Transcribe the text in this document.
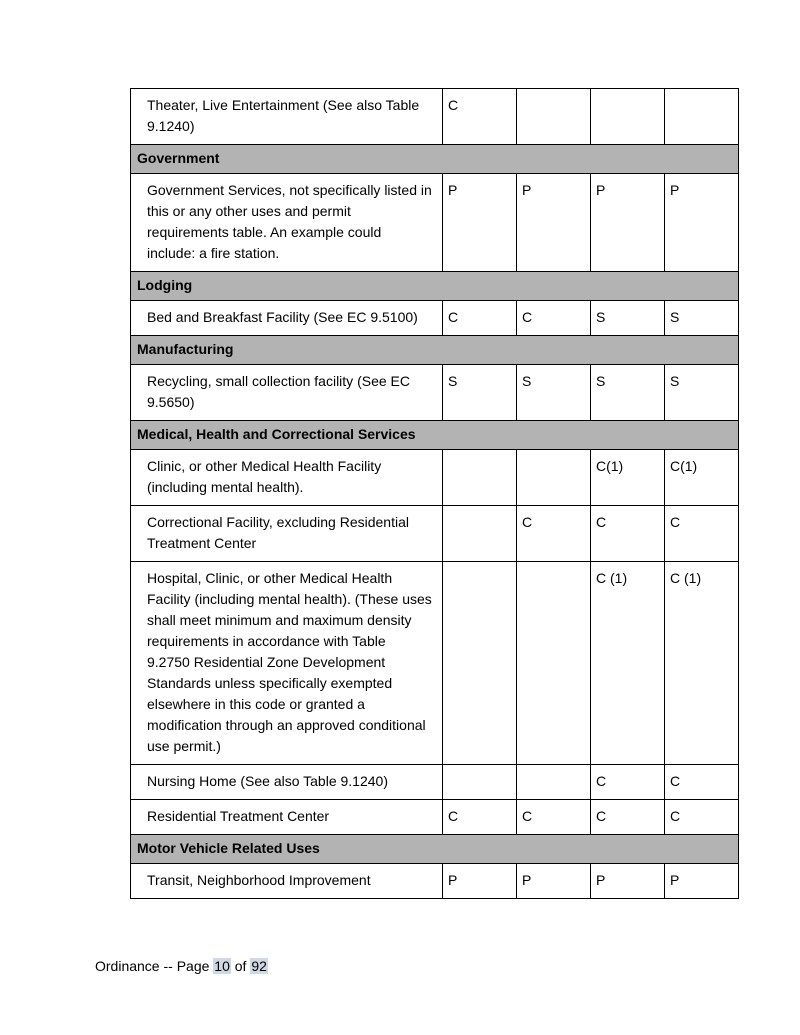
Theater, Live Entertainment (See also Table 9.1240)	C			
Government				
Government Services, not specifically listed in this or any other uses and permit requirements table. An example could include: a fire station.	P	P	P	P
Lodging				
Bed and Breakfast Facility (See EC 9.5100)	C	C	S	S
Manufacturing				
Recycling, small collection facility (See EC 9.5650)	S	S	S	S
Medical, Health and Correctional Services				
Clinic, or other Medical Health Facility (including mental health).			C(1)	C(1)
Correctional Facility, excluding Residential Treatment Center		C	C	C
Hospital, Clinic, or other Medical Health Facility (including mental health). (These uses shall meet minimum and maximum density requirements in accordance with Table 9.2750 Residential Zone Development Standards unless specifically exempted elsewhere in this code or granted a modification through an approved conditional use permit.)			C (1)	C (1)
Nursing Home (See also Table 9.1240)			C	C
Residential Treatment Center	C	C	C	C
Motor Vehicle Related Uses				
Transit, Neighborhood Improvement	P	P	P	P
Ordinance -- Page 10 of 92
